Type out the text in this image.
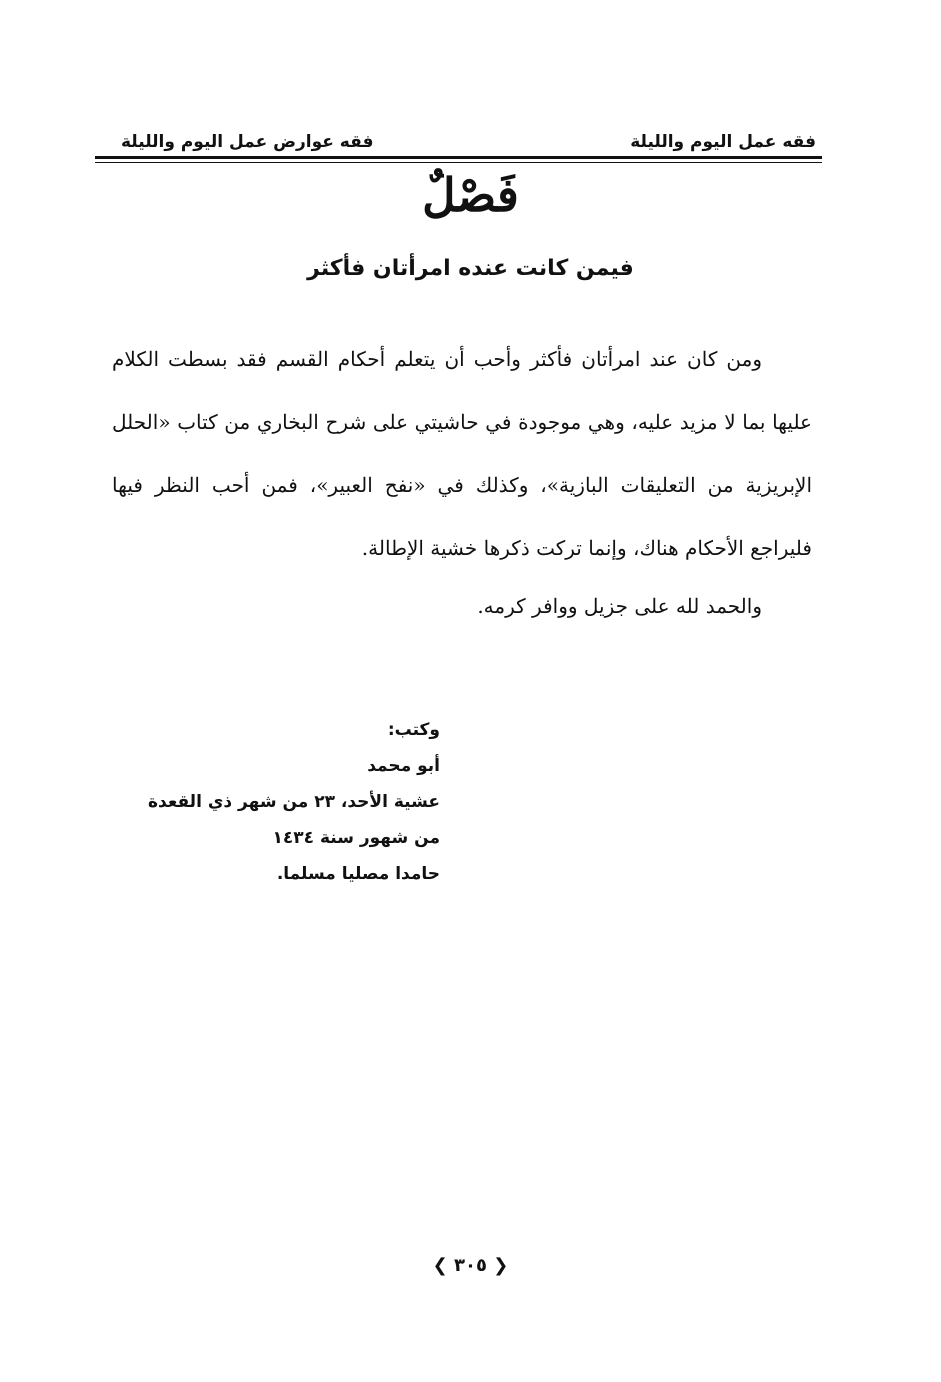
فقه عمل اليوم والليلة
فقه عوارض عمل اليوم والليلة
فَصْلٌ
فيمن كانت عنده امرأتان فأكثر

ومن كان عند امرأتان فأكثر وأحب أن يتعلم أحكام القسم فقد بسطت الكلام عليها بما لا مزيد عليه، وهي موجودة في حاشيتي على شرح البخاري من كتاب «الحلل الإبريزية من التعليقات البازية»، وكذلك في «نفح العبير»، فمن أحب النظر فيها فليراجع الأحكام هناك، وإنما تركت ذكرها خشية الإطالة.

والحمد لله على جزيل ووافر كرمه.
وكتب:
أبو محمد
عشية الأحد، ٢٣ من شهر ذي القعدة
من شهور سنة ١٤٣٤
حامدا مصليا مسلما.
❮ ٣٠٥ ❯
